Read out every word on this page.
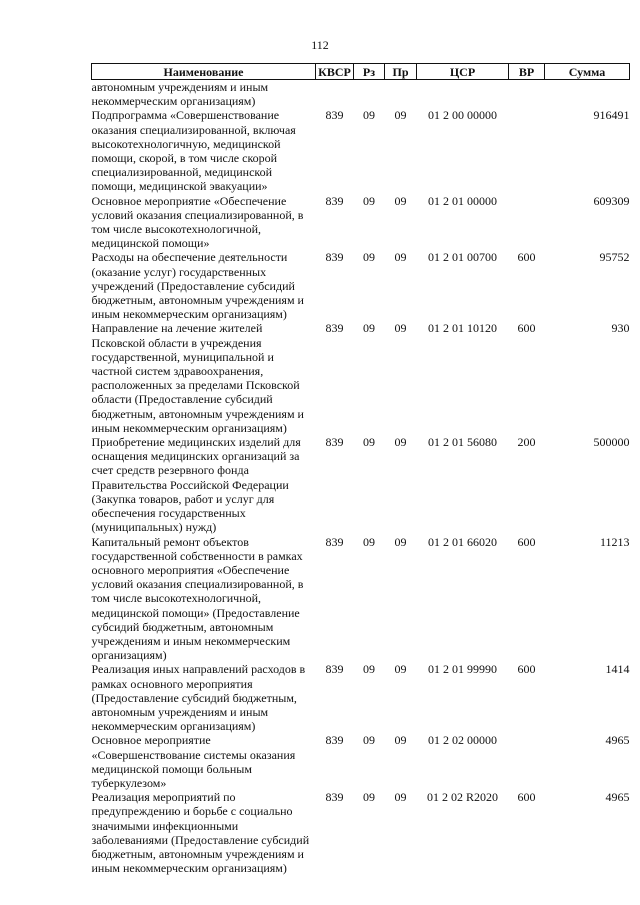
112
Наименование	КВСР	Рз	Пр	ЦСР	ВР	Сумма
автономным учреждениям и иным некоммерческим организациям)						
Подпрограмма «Совершенствование оказания специализированной, включая высокотехнологичную, медицинской помощи, скорой, в том числе скорой специализированной, медицинской помощи, медицинской эвакуации»	839	09	09	01 2 00 00000		916491
Основное мероприятие «Обеспечение условий оказания специализированной, в том числе высокотехнологичной, медицинской помощи»	839	09	09	01 2 01 00000		609309
Расходы на обеспечение деятельности (оказание услуг) государственных учреждений (Предоставление субсидий бюджетным, автономным учреждениям и иным некоммерческим организациям)	839	09	09	01 2 01 00700	600	95752
Направление на лечение жителей Псковской области в учреждения государственной, муниципальной и частной систем здравоохранения, расположенных за пределами Псковской области (Предоставление субсидий бюджетным, автономным учреждениям и иным некоммерческим организациям)	839	09	09	01 2 01 10120	600	930
Приобретение медицинских изделий для оснащения медицинских организаций за счет средств резервного фонда Правительства Российской Федерации (Закупка товаров, работ и услуг для обеспечения государственных (муниципальных) нужд)	839	09	09	01 2 01 56080	200	500000
Капитальный ремонт объектов государственной собственности в рамках основного мероприятия «Обеспечение условий оказания специализированной, в том числе высокотехнологичной, медицинской помощи» (Предоставление субсидий бюджетным, автономным учреждениям и иным некоммерческим организациям)	839	09	09	01 2 01 66020	600	11213
Реализация иных направлений расходов в рамках основного мероприятия (Предоставление субсидий бюджетным, автономным учреждениям и иным некоммерческим организациям)	839	09	09	01 2 01 99990	600	1414
Основное мероприятие «Совершенствование системы оказания медицинской помощи больным туберкулезом»	839	09	09	01 2 02 00000		4965
Реализация мероприятий по предупреждению и борьбе с социально значимыми инфекционными заболеваниями (Предоставление субсидий бюджетным, автономным учреждениям и иным некоммерческим организациям)	839	09	09	01 2 02 R2020	600	4965
